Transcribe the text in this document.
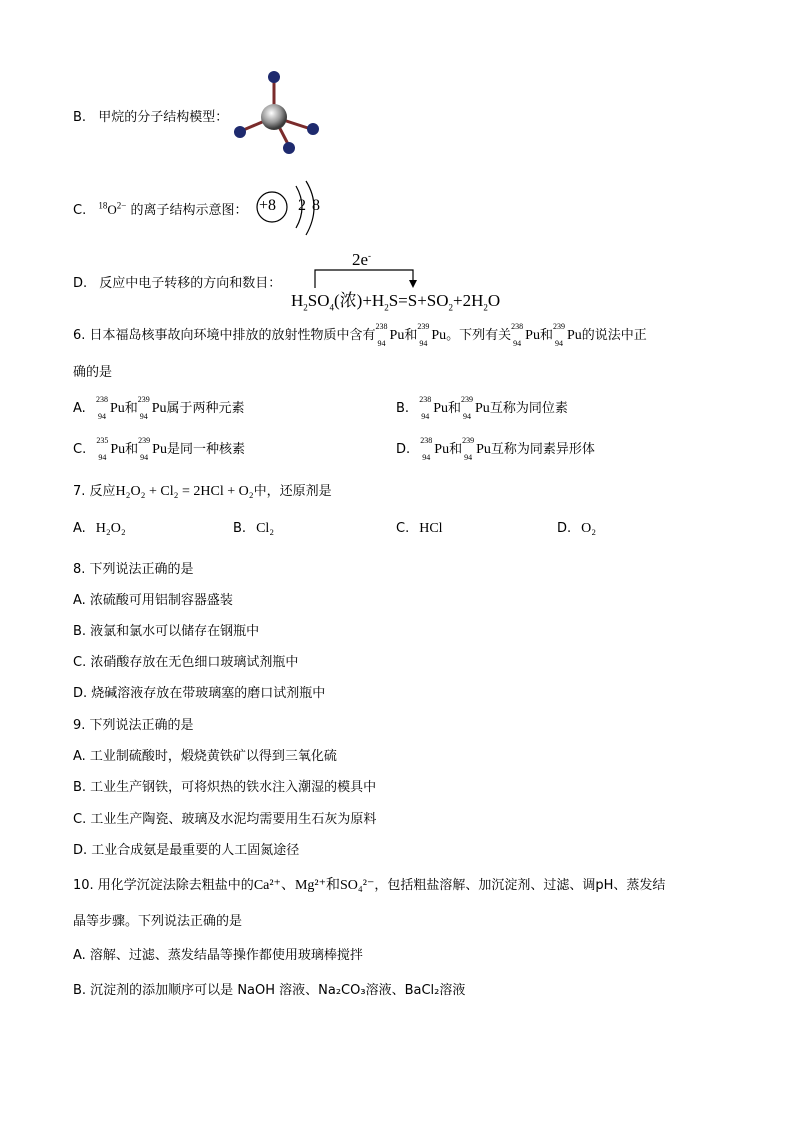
B. 甲烷的分子结构模型：
C. $^{18}O^{2-}$ 的离子结构示意图： +8 2 8
D. 反应中电子转移的方向和数目：
2e-
$H_2SO_4$(浓)$+H_2S=S+SO_2+2H_2O$
6. 日本福岛核事故向环境中排放的放射性物质中含有
238
94
Pu和
239
94
Pu。下列有关
238
94
Pu和
239
94
Pu的说法中正
确的是
A.
238
94
Pu和
239
94
Pu属于两种元素	B.
238
94
Pu和
239
94
Pu互称为同位素
C.
235
94
Pu和
239
94
Pu是同一种核素	D.
238
94
Pu和
239
94
Pu互称为同素异形体
7. 反应H₂O₂ + Cl₂ = 2HCl + O₂中，还原剂是
A. H₂O₂	B. Cl₂	C. HCl	D. O₂
8. 下列说法正确的是
A. 浓硫酸可用铝制容器盛装
B. 液氯和氯水可以储存在钢瓶中
C. 浓硝酸存放在无色细口玻璃试剂瓶中
D. 烧碱溶液存放在带玻璃塞的磨口试剂瓶中
9. 下列说法正确的是
A. 工业制硫酸时，煅烧黄铁矿以得到三氧化硫
B. 工业生产钢铁，可将炽热的铁水注入潮湿的模具中
C. 工业生产陶瓷、玻璃及水泥均需要用生石灰为原料
D. 工业合成氨是最重要的人工固氮途径
10. 用化学沉淀法除去粗盐中的Ca²⁺、Mg²⁺和SO₄²⁻，包括粗盐溶解、加沉淀剂、过滤、调pH、蒸发结
晶等步骤。下列说法正确的是
A. 溶解、过滤、蒸发结晶等操作都使用玻璃棒搅拌
B. 沉淀剂的添加顺序可以是 NaOH 溶液、Na₂CO₃溶液、BaCl₂溶液
